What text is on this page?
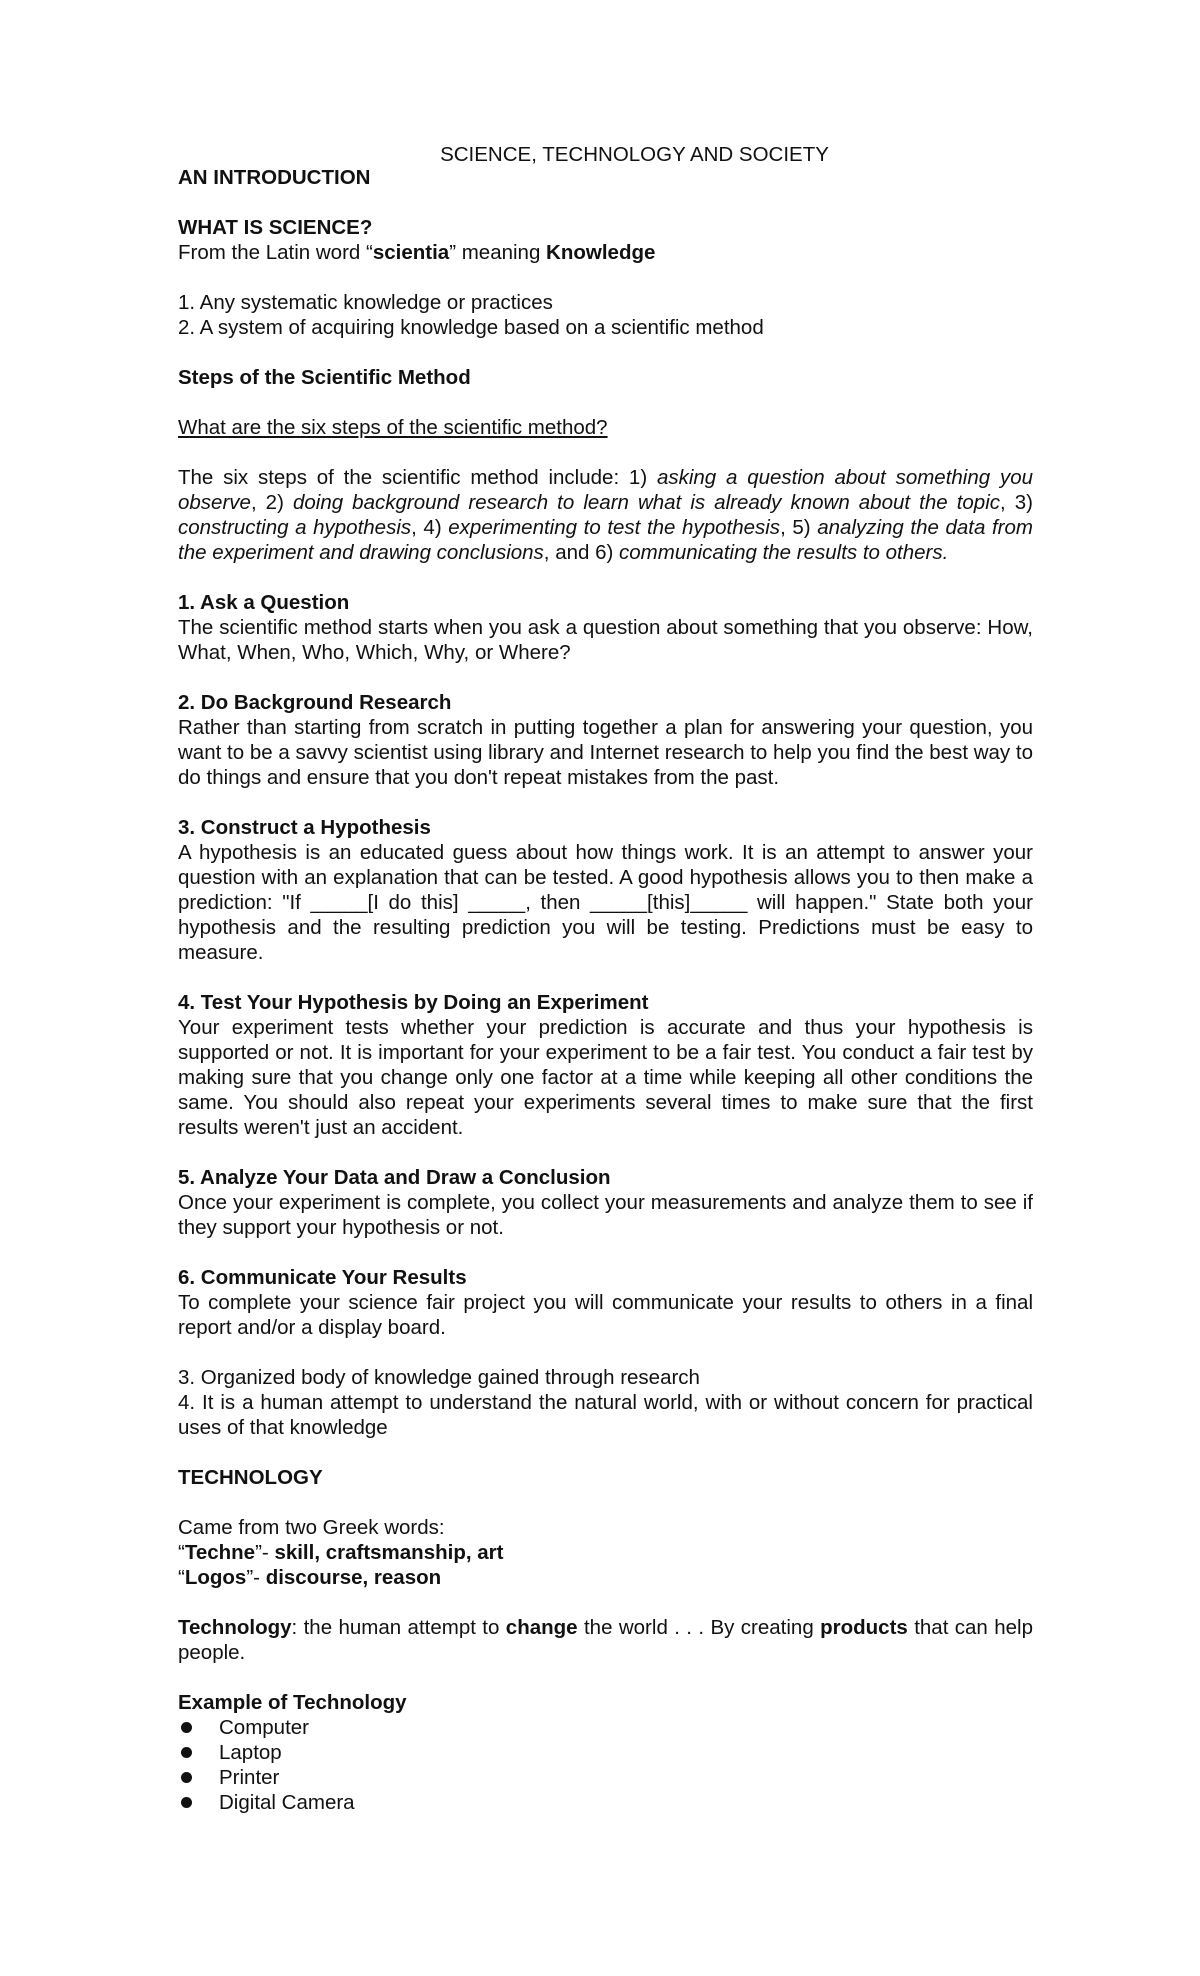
SCIENCE, TECHNOLOGY AND SOCIETY

AN INTRODUCTION

WHAT IS SCIENCE?

From the Latin word “scientia” meaning Knowledge

1. Any systematic knowledge or practices

2. A system of acquiring knowledge based on a scientific method

Steps of the Scientific Method

What are the six steps of the scientific method?

The six steps of the scientific method include: 1) asking a question about something you observe, 2) doing background research to learn what is already known about the topic, 3) constructing a hypothesis, 4) experimenting to test the hypothesis, 5) analyzing the data from the experiment and drawing conclusions, and 6) communicating the results to others.

1. Ask a Question

The scientific method starts when you ask a question about something that you observe: How, What, When, Who, Which, Why, or Where?

2. Do Background Research

Rather than starting from scratch in putting together a plan for answering your question, you want to be a savvy scientist using library and Internet research to help you find the best way to do things and ensure that you don't repeat mistakes from the past.

3. Construct a Hypothesis

A hypothesis is an educated guess about how things work. It is an attempt to answer your question with an explanation that can be tested. A good hypothesis allows you to then make a prediction: "If _____[I do this] _____, then _____[this]_____ will happen." State both your hypothesis and the resulting prediction you will be testing. Predictions must be easy to measure.

4. Test Your Hypothesis by Doing an Experiment

Your experiment tests whether your prediction is accurate and thus your hypothesis is supported or not. It is important for your experiment to be a fair test. You conduct a fair test by making sure that you change only one factor at a time while keeping all other conditions the same. You should also repeat your experiments several times to make sure that the first results weren't just an accident.

5. Analyze Your Data and Draw a Conclusion

Once your experiment is complete, you collect your measurements and analyze them to see if they support your hypothesis or not.

6. Communicate Your Results

To complete your science fair project you will communicate your results to others in a final report and/or a display board.

3. Organized body of knowledge gained through research

4. It is a human attempt to understand the natural world, with or without concern for practical uses of that knowledge

TECHNOLOGY

Came from two Greek words:

“Techne”- skill, craftsmanship, art

“Logos”- discourse, reason

Technology: the human attempt to change the world . . . By creating products that can help people.

Example of Technology

Computer
Laptop
Printer
Digital Camera
